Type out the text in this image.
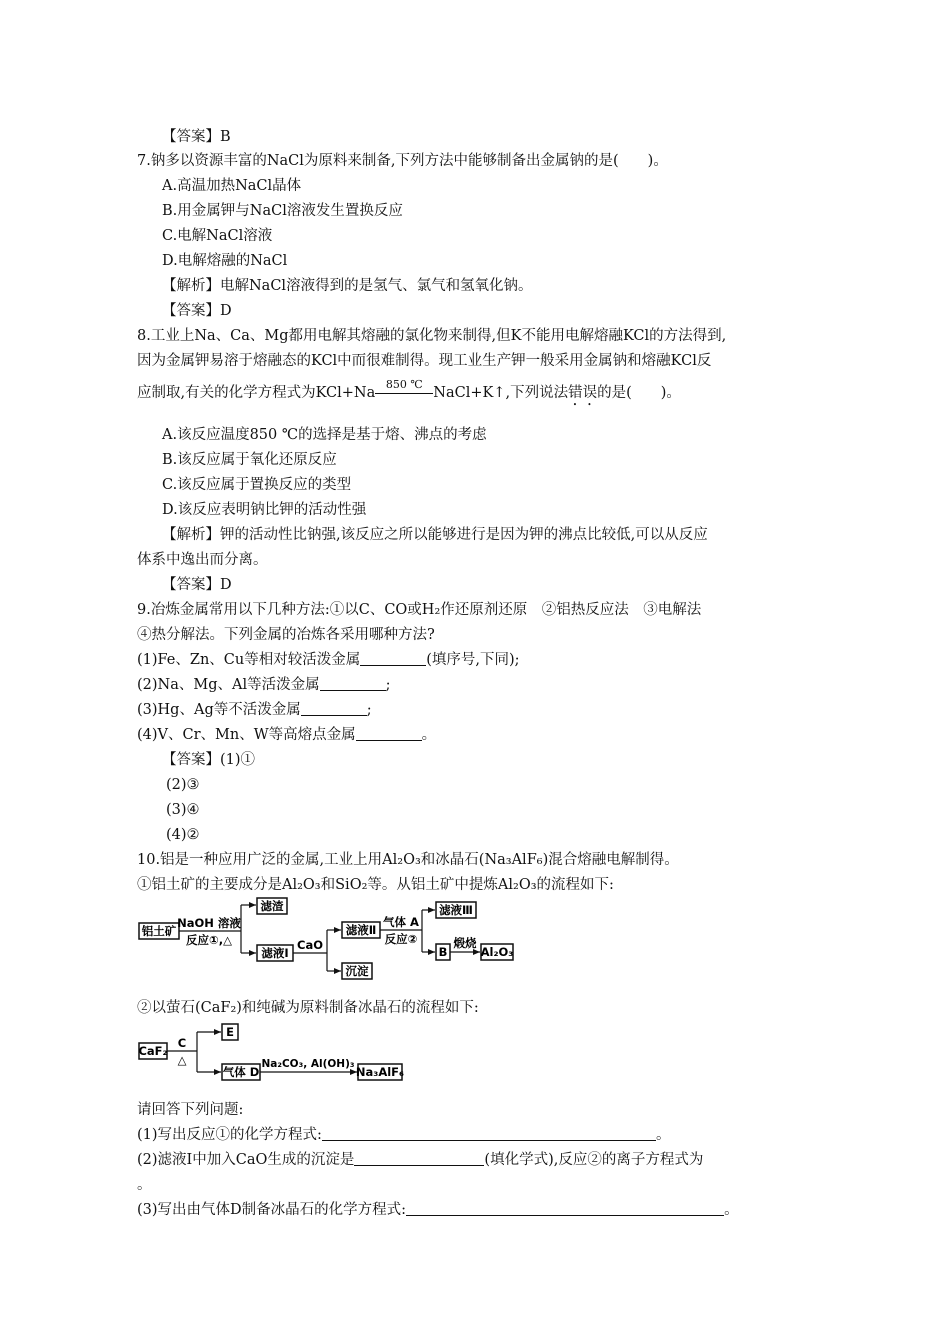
【答案】B
7.钠多以资源丰富的NaCl为原料来制备,下列方法中能够制备出金属钠的是(　　)。
A.高温加热NaCl晶体
B.用金属钾与NaCl溶液发生置换反应
C.电解NaCl溶液
D.电解熔融的NaCl
【解析】电解NaCl溶液得到的是氢气、氯气和氢氧化钠。
【答案】D
8.工业上Na、Ca、Mg都用电解其熔融的氯化物来制得,但K不能用电解熔融KCl的方法得到,
因为金属钾易溶于熔融态的KCl中而很难制得。现工业生产钾一般采用金属钠和熔融KCl反
应制取,有关的化学方程式为KCl+Na
850 ℃
NaCl+K↑,下列说法错误的是(　　)。
A.该反应温度850 ℃的选择是基于熔、沸点的考虑
B.该反应属于氧化还原反应
C.该反应属于置换反应的类型
D.该反应表明钠比钾的活动性强
【解析】钾的活动性比钠强,该反应之所以能够进行是因为钾的沸点比较低,可以从反应
体系中逸出而分离。
【答案】D
9.冶炼金属常用以下几种方法:①以C、CO或H₂作还原剂还原　②铝热反应法　③电解法
④热分解法。下列金属的冶炼各采用哪种方法?
(1)Fe、Zn、Cu等相对较活泼金属	(填序号,下同);
(2)Na、Mg、Al等活泼金属	;
(3)Hg、Ag等不活泼金属	;
(4)V、Cr、Mn、W等高熔点金属	。
【答案】(1)①
(2)③
(3)④
(4)②
10.铝是一种应用广泛的金属,工业上用Al₂O₃和冰晶石(Na₃AlF₆)混合熔融电解制得。
①铝土矿的主要成分是Al₂O₃和SiO₂等。从铝土矿中提炼Al₂O₃的流程如下:
铝土矿
NaOH 溶液
反应①,△
滤渣
滤液Ⅰ
CaO
滤液Ⅱ
沉淀
气体 A
反应②
滤液Ⅲ
B
煅烧
Al₂O₃
②以萤石(CaF₂)和纯碱为原料制备冰晶石的流程如下:
CaF₂
C
△
E
气体 D
Na₂CO₃, Al(OH)₃
Na₃AlF₆
请回答下列问题:
(1)写出反应①的化学方程式:	。
(2)滤液Ⅰ中加入CaO生成的沉淀是	(填化学式),反应②的离子方程式为
。
(3)写出由气体D制备冰晶石的化学方程式:	。
